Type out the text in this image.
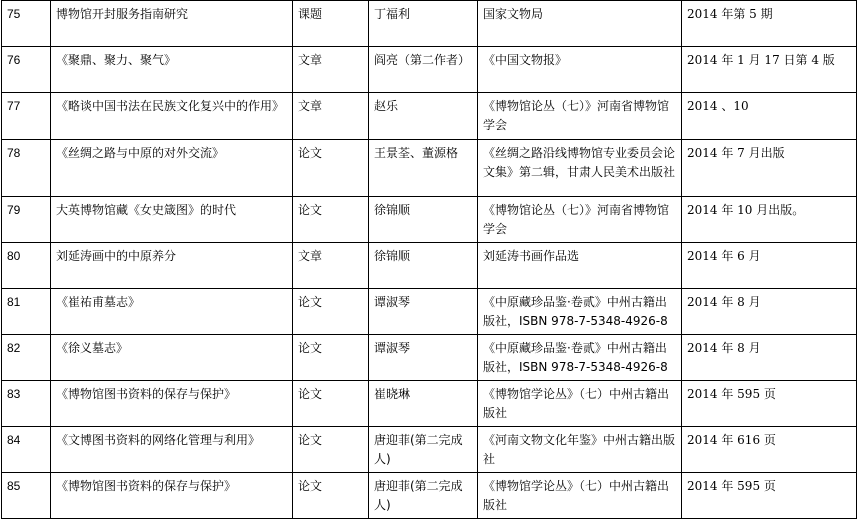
75	博物馆开封服务指南研究	课题	丁福利	国家文物局	2014 年第 5 期
76	《聚鼎、聚力、聚气》	文章	阎亮（第二作者）	《中国文物报》	2014 年 1 月 17 日第 4 版
77	《略谈中国书法在民族文化复兴中的作用》	文章	赵乐	《博物馆论丛（七）》河南省博物馆学会	2014 、10
78	《丝绸之路与中原的对外交流》	论文	王景荃、董源格	《丝绸之路沿线博物馆专业委员会论文集》第二辑，甘肃人民美术出版社	2014 年 7 月出版
79	大英博物馆藏《女史箴图》的时代	论文	徐锦顺	《博物馆论丛（七）》河南省博物馆学会	2014 年 10 月出版。
80	刘延涛画中的中原养分	文章	徐锦顺	刘延涛书画作品选	2014 年 6 月
81	《崔祐甫墓志》	论文	谭淑琴	《中原藏珍品鉴·卷贰》中州古籍出版社，ISBN 978-7-5348-4926-8	2014 年 8 月
82	《徐义墓志》	论文	谭淑琴	《中原藏珍品鉴·卷贰》中州古籍出版社，ISBN 978-7-5348-4926-8	2014 年 8 月
83	《博物馆图书资料的保存与保护》	论文	崔晓琳	《博物馆学论丛》（七）中州古籍出版社	2014 年 595 页
84	《文博图书资料的网络化管理与利用》	论文	唐迎菲(第二完成人)	《河南文物文化年鉴》中州古籍出版社	2014 年 616 页
85	《博物馆图书资料的保存与保护》	论文	唐迎菲(第二完成人)	《博物馆学论丛》（七）中州古籍出版社	2014 年 595 页
